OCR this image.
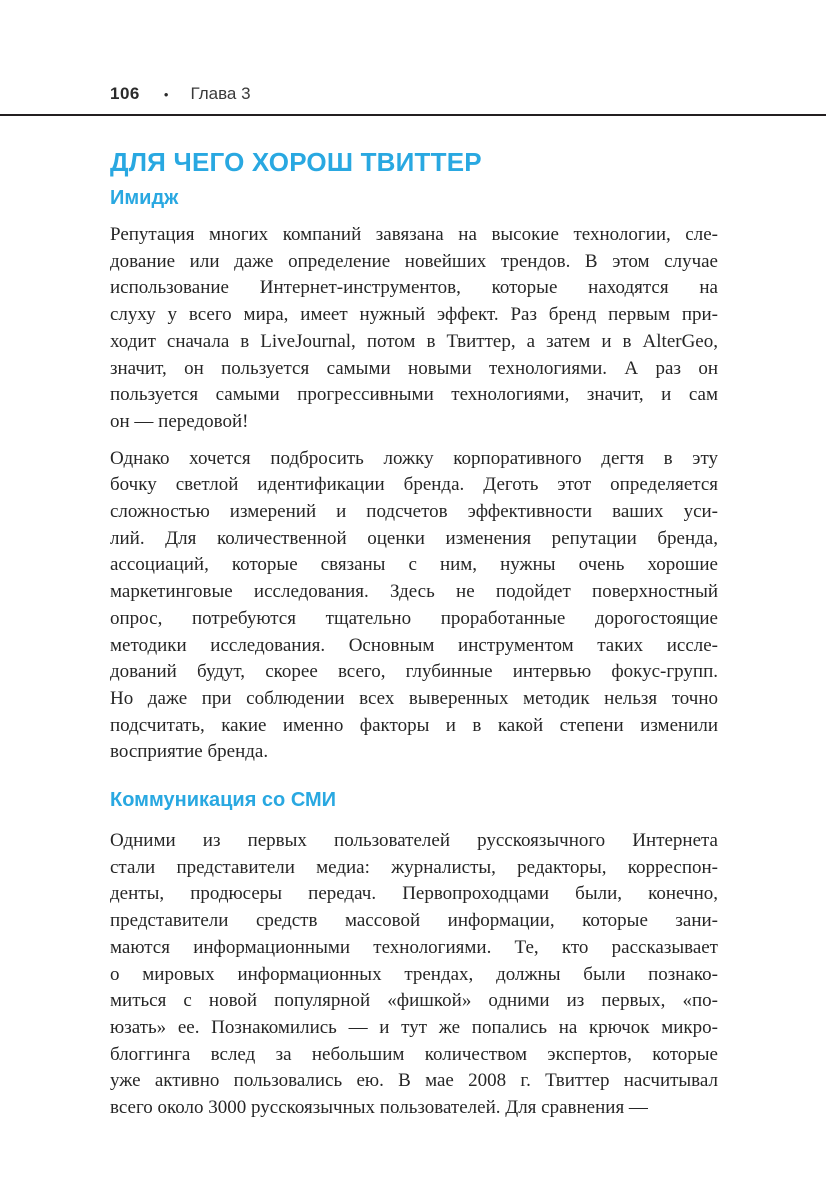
106 • Глава 3
ДЛЯ ЧЕГО ХОРОШ ТВИТТЕР
Имидж
Репутация многих компаний завязана на высокие технологии, сле-
дование или даже определение новейших трендов. В этом случае
использование Интернет-инструментов, которые находятся на
слуху у всего мира, имеет нужный эффект. Раз бренд первым при-
ходит сначала в LiveJournal, потом в Твиттер, а затем и в AlterGeo,
значит, он пользуется самыми новыми технологиями. А раз он
пользуется самыми прогрессивными технологиями, значит, и сам
он — передовой!
Однако хочется подбросить ложку корпоративного дегтя в эту
бочку светлой идентификации бренда. Деготь этот определяется
сложностью измерений и подсчетов эффективности ваших уси-
лий. Для количественной оценки изменения репутации бренда,
ассоциаций, которые связаны с ним, нужны очень хорошие
маркетинговые исследования. Здесь не подойдет поверхностный
опрос, потребуются тщательно проработанные дорогостоящие
методики исследования. Основным инструментом таких иссле-
дований будут, скорее всего, глубинные интервью фокус-групп.
Но даже при соблюдении всех выверенных методик нельзя точно
подсчитать, какие именно факторы и в какой степени изменили
восприятие бренда.
Коммуникация со СМИ
Одними из первых пользователей русскоязычного Интернета
стали представители медиа: журналисты, редакторы, корреспон-
денты, продюсеры передач. Первопроходцами были, конечно,
представители средств массовой информации, которые зани-
маются информационными технологиями. Те, кто рассказывает
о мировых информационных трендах, должны были познако-
миться с новой популярной «фишкой» одними из первых, «по-
юзать» ее. Познакомились — и тут же попались на крючок микро-
блоггинга вслед за небольшим количеством экспертов, которые
уже активно пользовались ею. В мае 2008 г. Твиттер насчитывал
всего около 3000 русскоязычных пользователей. Для сравнения —
